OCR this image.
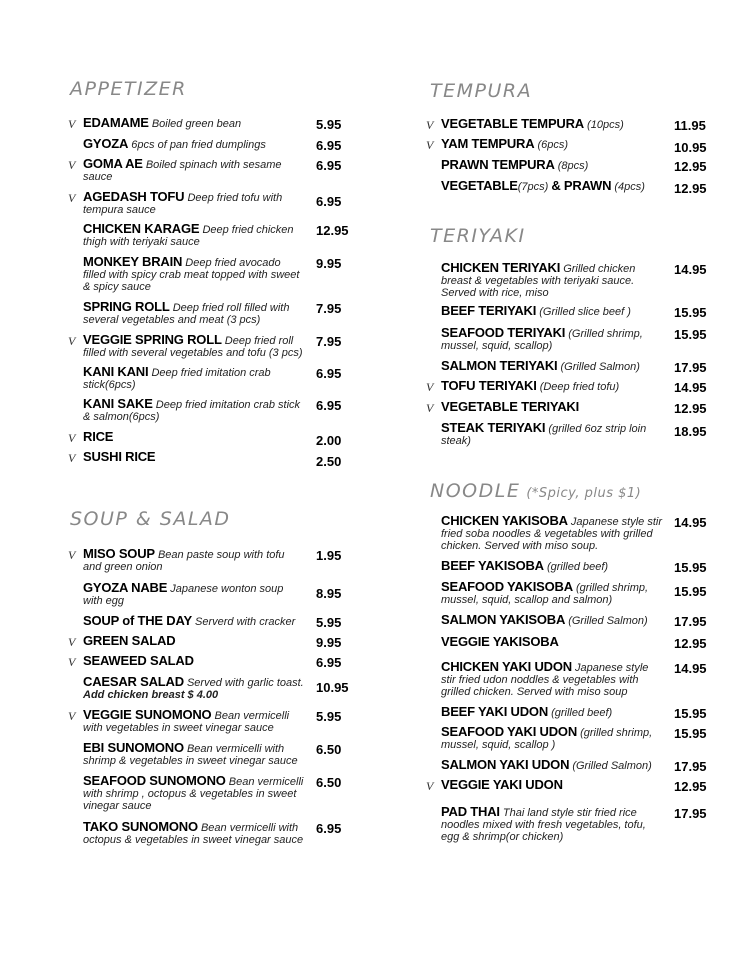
APPETIZER
V EDAMAME Boiled green bean	5.95
GYOZA 6pcs of pan fried dumplings	6.95
V GOMA AE Boiled spinach with sesame sauce
6.95
V AGEDASH TOFU Deep fried tofu with tempura sauce
6.95
CHICKEN KARAGE Deep fried chicken thigh with teriyaki sauce
12.95
MONKEY BRAIN Deep fried avocado filled with spicy crab meat topped with sweet & spicy sauce
9.95
SPRING ROLL Deep fried roll filled with several vegetables and meat (3 pcs)
7.95
V VEGGIE SPRING ROLL Deep fried roll filled with several vegetables and tofu (3 pcs)
7.95
KANI KANI Deep fried imitation crab stick(6pcs)
6.95
KANI SAKE Deep fried imitation crab stick & salmon(6pcs)
6.95
V RICE	2.00
V SUSHI RICE	2.50
SOUP & SALAD
V MISO SOUP Bean paste soup with tofu and green onion
1.95
GYOZA NABE Japanese wonton soup with egg	8.95
SOUP of THE DAY Serverd with cracker	5.95
V GREEN SALAD	9.95
V SEAWEED SALAD	6.95
CAESAR SALAD Served with garlic toast.
Add chicken breast $ 4.00	10.95
V VEGGIE SUNOMONO Bean vermicelli with vegetables in sweet vinegar sauce
5.95
EBI SUNOMONO Bean vermicelli with shrimp & vegetables in sweet vinegar sauce
6.50
SEAFOOD SUNOMONO Bean vermicelli with shrimp , octopus & vegetables in sweet vinegar sauce
6.50
TAKO SUNOMONO Bean vermicelli with octopus & vegetables in sweet vinegar sauce
6.95
TEMPURA
V VEGETABLE TEMPURA (10pcs)	11.95
V YAM TEMPURA (6pcs)	10.95
PRAWN TEMPURA (8pcs)	12.95
VEGETABLE(7pcs) & PRAWN (4pcs)	12.95
TERIYAKI
CHICKEN TERIYAKI Grilled chicken breast & vegetables with teriyaki sauce. Served with rice, miso
14.95
BEEF TERIYAKI (Grilled slice beef )	15.95
SEAFOOD TERIYAKI (Grilled shrimp, mussel, squid, scallop)
15.95
SALMON TERIYAKI (Grilled Salmon)	17.95
V TOFU TERIYAKI (Deep fried tofu)	14.95
V VEGETABLE TERIYAKI	12.95
STEAK TERIYAKI (grilled 6oz strip loin steak)
18.95
NOODLE (*Spicy, plus $1)
CHICKEN YAKISOBA Japanese style stir fried soba noodles & vegetables with grilled chicken. Served with miso soup.
14.95
BEEF YAKISOBA (grilled beef)	15.95
SEAFOOD YAKISOBA (grilled shrimp, mussel, squid, scallop and salmon)
15.95
SALMON YAKISOBA (Grilled Salmon)	17.95
VEGGIE YAKISOBA	12.95
CHICKEN YAKI UDON Japanese style stir fried udon noddles & vegetables with grilled chicken. Served with miso soup
14.95
BEEF YAKI UDON (grilled beef)	15.95
SEAFOOD YAKI UDON (grilled shrimp, mussel, squid, scallop )
15.95
SALMON YAKI UDON (Grilled Salmon)	17.95
V VEGGIE YAKI UDON	12.95
PAD THAI Thai land style stir fried rice noodles mixed with fresh vegetables, tofu, egg & shrimp(or chicken)
17.95
